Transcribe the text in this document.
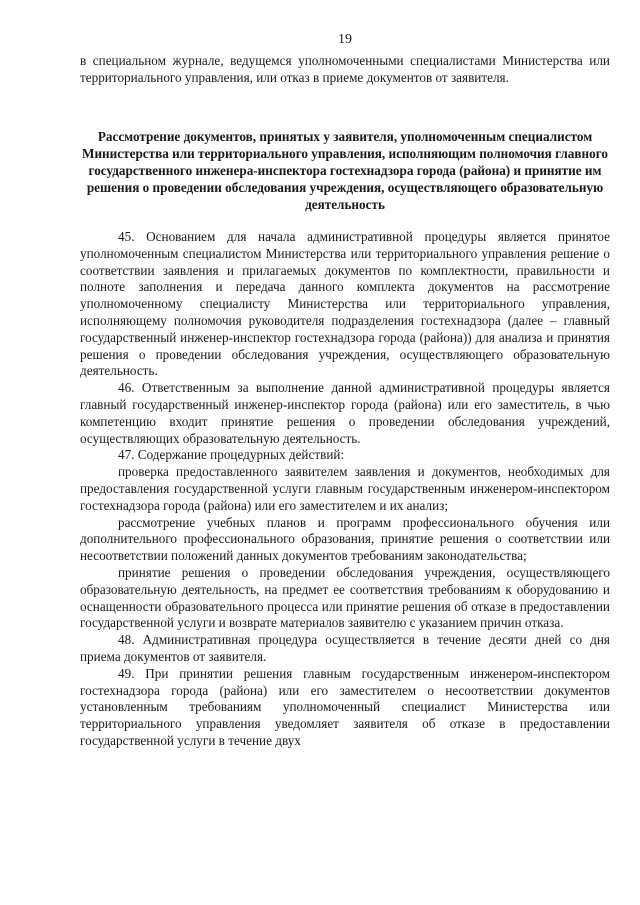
19

в специальном журнале, ведущемся уполномоченными специалистами Министерства или территориального управления, или отказ в приеме документов от заявителя.

Рассмотрение документов, принятых у заявителя, уполномоченным специалистом Министерства или территориального управления, исполняющим полномочия главного государственного инженера-инспектора гостехнадзора города (района) и принятие им решения о проведении обследования учреждения, осуществляющего образовательную деятельность

45. Основанием для начала административной процедуры является принятое уполномоченным специалистом Министерства или территориального управления решение о соответствии заявления и прилагаемых документов по комплектности, правильности и полноте заполнения и передача данного комплекта документов на рассмотрение уполномоченному специалисту Министерства или территориального управления, исполняющему полномочия руководителя подразделения гостехнадзора (далее – главный государственный инженер-инспектор гостехнадзора города (района)) для анализа и принятия решения о проведении обследования учреждения, осуществляющего образовательную деятельность.

46. Ответственным за выполнение данной административной процедуры является главный государственный инженер-инспектор города (района) или его заместитель, в чью компетенцию входит принятие решения о проведении обследования учреждений, осуществляющих образовательную деятельность.

47. Содержание процедурных действий:

проверка предоставленного заявителем заявления и документов, необходимых для предоставления государственной услуги главным государственным инженером-инспектором гостехнадзора города (района) или его заместителем и их анализ;

рассмотрение учебных планов и программ профессионального обучения или дополнительного профессионального образования, принятие решения о соответствии или несоответствии положений данных документов требованиям законодательства;

принятие решения о проведении обследования учреждения, осуществляющего образовательную деятельность, на предмет ее соответствия требованиям к оборудованию и оснащенности образовательного процесса или принятие решения об отказе в предоставлении государственной услуги и возврате материалов заявителю с указанием причин отказа.

48. Административная процедура осуществляется в течение десяти дней со дня приема документов от заявителя.

49. При принятии решения главным государственным инженером-инспектором гостехнадзора города (района) или его заместителем о несоответствии документов установленным требованиям уполномоченный специалист Министерства или территориального управления уведомляет заявителя об отказе в предоставлении государственной услуги в течение двух
